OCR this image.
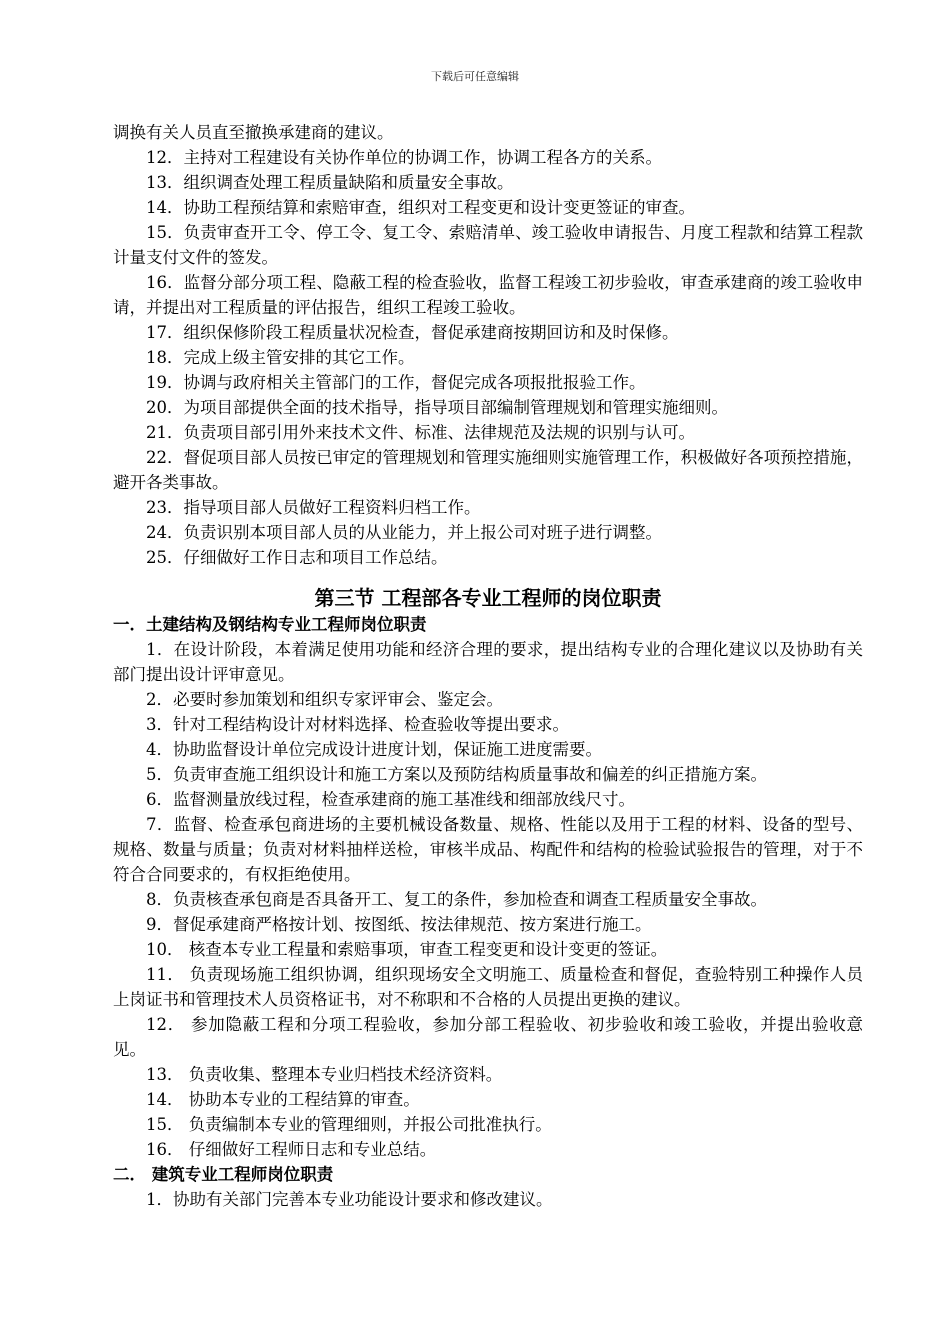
下载后可任意编辑

调换有关人员直至撤换承建商的建议。

12．主持对工程建设有关协作单位的协调工作，协调工程各方的关系。

13．组织调查处理工程质量缺陷和质量安全事故。

14．协助工程预结算和索赔审查，组织对工程变更和设计变更签证的审查。

15．负责审查开工令、停工令、复工令、索赔清单、竣工验收申请报告、月度工程款和结算工程款计量支付文件的签发。

16．监督分部分项工程、隐蔽工程的检查验收，监督工程竣工初步验收，审查承建商的竣工验收申请，并提出对工程质量的评估报告，组织工程竣工验收。

17．组织保修阶段工程质量状况检查，督促承建商按期回访和及时保修。

18．完成上级主管安排的其它工作。

19．协调与政府相关主管部门的工作，督促完成各项报批报验工作。

20．为项目部提供全面的技术指导，指导项目部编制管理规划和管理实施细则。

21．负责项目部引用外来技术文件、标准、法律规范及法规的识别与认可。

22．督促项目部人员按已审定的管理规划和管理实施细则实施管理工作，积极做好各项预控措施，避开各类事故。

23．指导项目部人员做好工程资料归档工作。

24．负责识别本项目部人员的从业能力，并上报公司对班子进行调整。

25．仔细做好工作日志和项目工作总结。

第三节 工程部各专业工程师的岗位职责
一．土建结构及钢结构专业工程师岗位职责

1．在设计阶段，本着满足使用功能和经济合理的要求，提出结构专业的合理化建议以及协助有关部门提出设计评审意见。

2．必要时参加策划和组织专家评审会、鉴定会。

3．针对工程结构设计对材料选择、检查验收等提出要求。

4．协助监督设计单位完成设计进度计划，保证施工进度需要。

5．负责审查施工组织设计和施工方案以及预防结构质量事故和偏差的纠正措施方案。

6．监督测量放线过程，检查承建商的施工基准线和细部放线尺寸。

7．监督、检查承包商进场的主要机械设备数量、规格、性能以及用于工程的材料、设备的型号、规格、数量与质量；负责对材料抽样送检，审核半成品、构配件和结构的检验试验报告的管理，对于不符合合同要求的，有权拒绝使用。

8．负责核查承包商是否具备开工、复工的条件，参加检查和调查工程质量安全事故。

9．督促承建商严格按计划、按图纸、按法律规范、按方案进行施工。

10． 核查本专业工程量和索赔事项，审查工程变更和设计变更的签证。

11． 负责现场施工组织协调，组织现场安全文明施工、质量检查和督促，查验特别工种操作人员上岗证书和管理技术人员资格证书，对不称职和不合格的人员提出更换的建议。

12． 参加隐蔽工程和分项工程验收，参加分部工程验收、初步验收和竣工验收，并提出验收意见。

13． 负责收集、整理本专业归档技术经济资料。

14． 协助本专业的工程结算的审查。

15． 负责编制本专业的管理细则，并报公司批准执行。

16． 仔细做好工程师日志和专业总结。

二． 建筑专业工程师岗位职责

1．协助有关部门完善本专业功能设计要求和修改建议。
